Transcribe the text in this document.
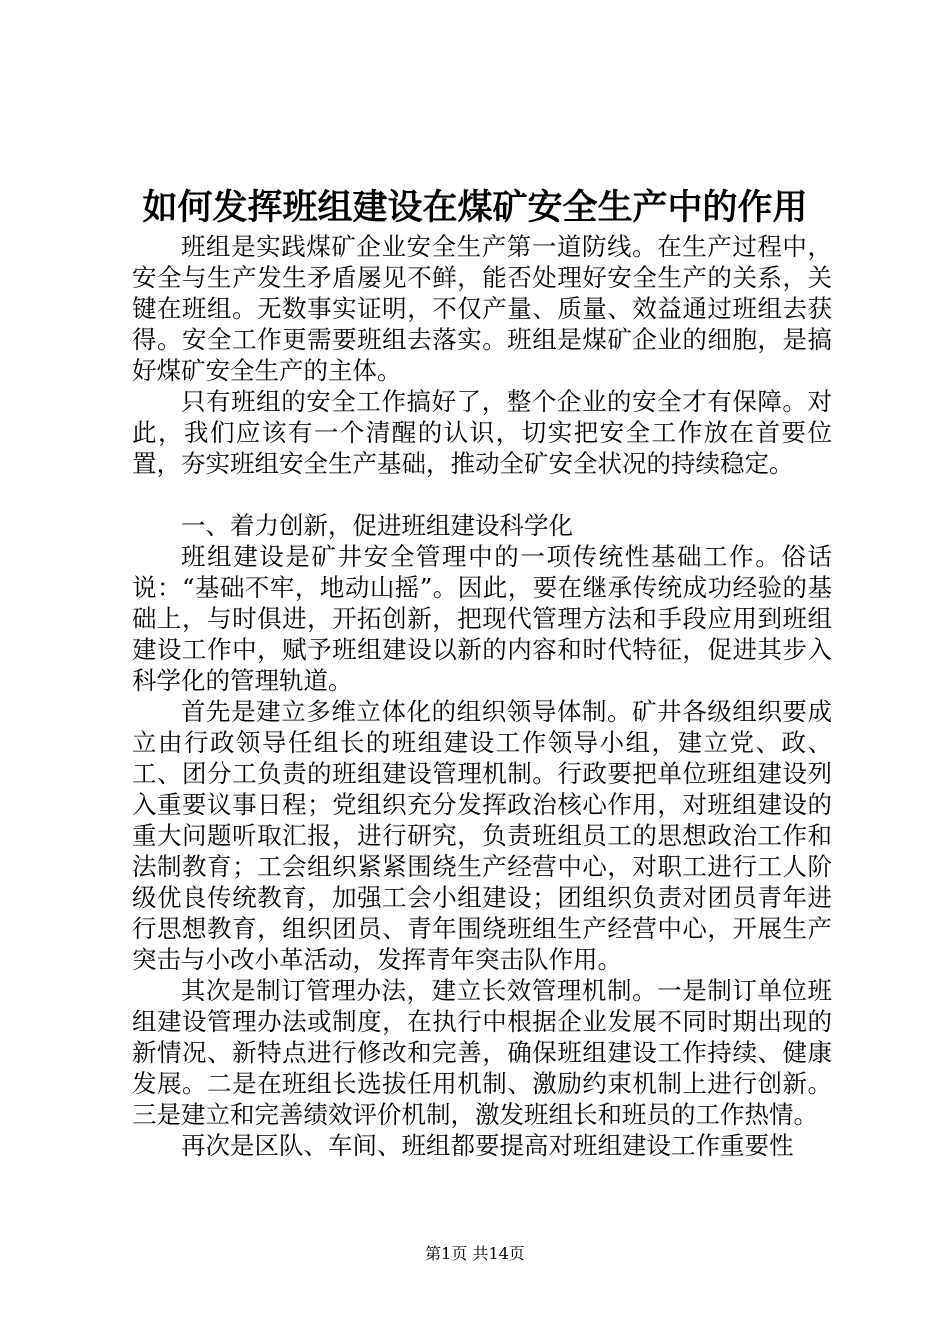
如何发挥班组建设在煤矿安全生产中的作用

班组是实践煤矿企业安全生产第一道防线。在生产过程中，安全与生产发生矛盾屡见不鲜，能否处理好安全生产的关系，关键在班组。无数事实证明，不仅产量、质量、效益通过班组去获得。安全工作更需要班组去落实。班组是煤矿企业的细胞，是搞好煤矿安全生产的主体。

只有班组的安全工作搞好了，整个企业的安全才有保障。对此，我们应该有一个清醒的认识，切实把安全工作放在首要位置，夯实班组安全生产基础，推动全矿安全状况的持续稳定。

一、着力创新，促进班组建设科学化

班组建设是矿井安全管理中的一项传统性基础工作。俗话说：“基础不牢，地动山摇”。因此，要在继承传统成功经验的基础上，与时俱进，开拓创新，把现代管理方法和手段应用到班组建设工作中，赋予班组建设以新的内容和时代特征，促进其步入科学化的管理轨道。

首先是建立多维立体化的组织领导体制。矿井各级组织要成立由行政领导任组长的班组建设工作领导小组，建立党、政、工、团分工负责的班组建设管理机制。行政要把单位班组建设列入重要议事日程；党组织充分发挥政治核心作用，对班组建设的重大问题听取汇报，进行研究，负责班组员工的思想政治工作和法制教育；工会组织紧紧围绕生产经营中心，对职工进行工人阶级优良传统教育，加强工会小组建设；团组织负责对团员青年进行思想教育，组织团员、青年围绕班组生产经营中心，开展生产突击与小改小革活动，发挥青年突击队作用。

其次是制订管理办法，建立长效管理机制。一是制订单位班组建设管理办法或制度，在执行中根据企业发展不同时期出现的新情况、新特点进行修改和完善，确保班组建设工作持续、健康发展。二是在班组长选拔任用机制、激励约束机制上进行创新。三是建立和完善绩效评价机制，激发班组长和班员的工作热情。

再次是区队、车间、班组都要提高对班组建设工作重要性

第1页 共14页
